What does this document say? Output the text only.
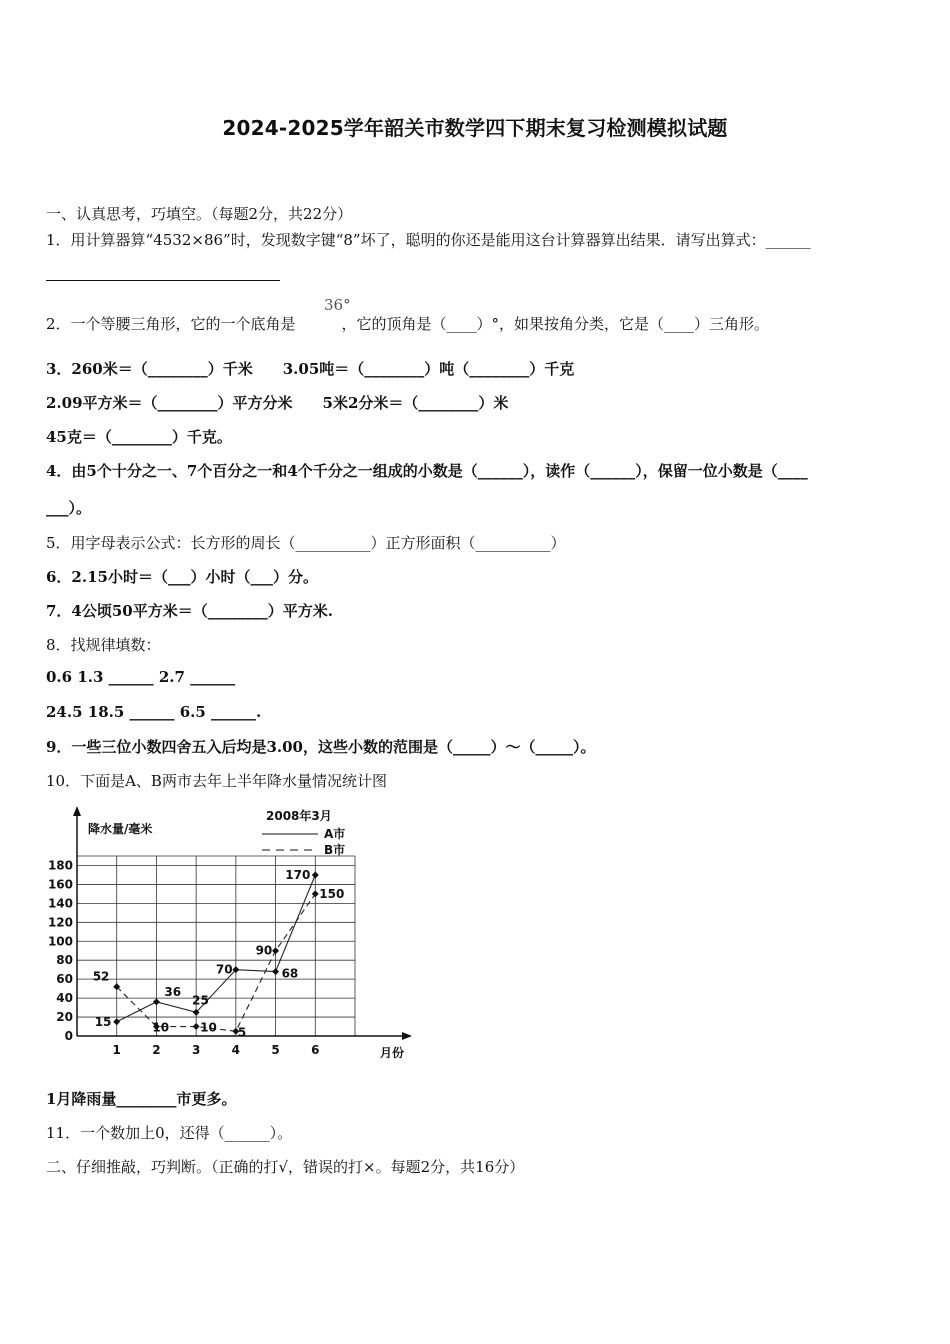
2024-2025学年韶关市数学四下期末复习检测模拟试题
一、认真思考，巧填空。（每题2分，共22分）
1．用计算器算“4532×86”时，发现数字键“8”坏了，聪明的你还是能用这台计算器算出结果．请写出算式：______
2．一个等腰三角形，它的一个底角是	，它的顶角是（____）°，如果按角分类，它是（____）三角形。
36°
3．260米＝（________）千米　　3.05吨＝（________）吨（________）千克
2.09平方米＝（________）平方分米　　5米2分米＝（________）米
45克＝（________）千克。
4．由5个十分之一、7个百分之一和4个千分之一组成的小数是（______），读作（______），保留一位小数是（____
___）。
5．用字母表示公式：长方形的周长（__________）正方形面积（__________）
6．2.15小时＝（___）小时（___）分。
7．4公顷50平方米＝（________）平方米.
8．找规律填数：
0.6 1.3 ______ 2.7 ______
24.5 18.5 ______ 6.5 ______.
9．一些三位小数四舍五入后均是3.00，这些小数的范围是（_____）～（_____）。
10．下面是A、B两市去年上半年降水量情况统计图
降水量/毫米
月份
2008年3月
A市
B市
0
20
40
60
80
100
120
140
160
180
1	2	3	4	5	6
15
36
25
70	68
170
52
10	10 5
90
150
1月降雨量________市更多。
11．一个数加上0，还得（______）。
二、仔细推敲，巧判断。（正确的打√，错误的打×。每题2分，共16分）
